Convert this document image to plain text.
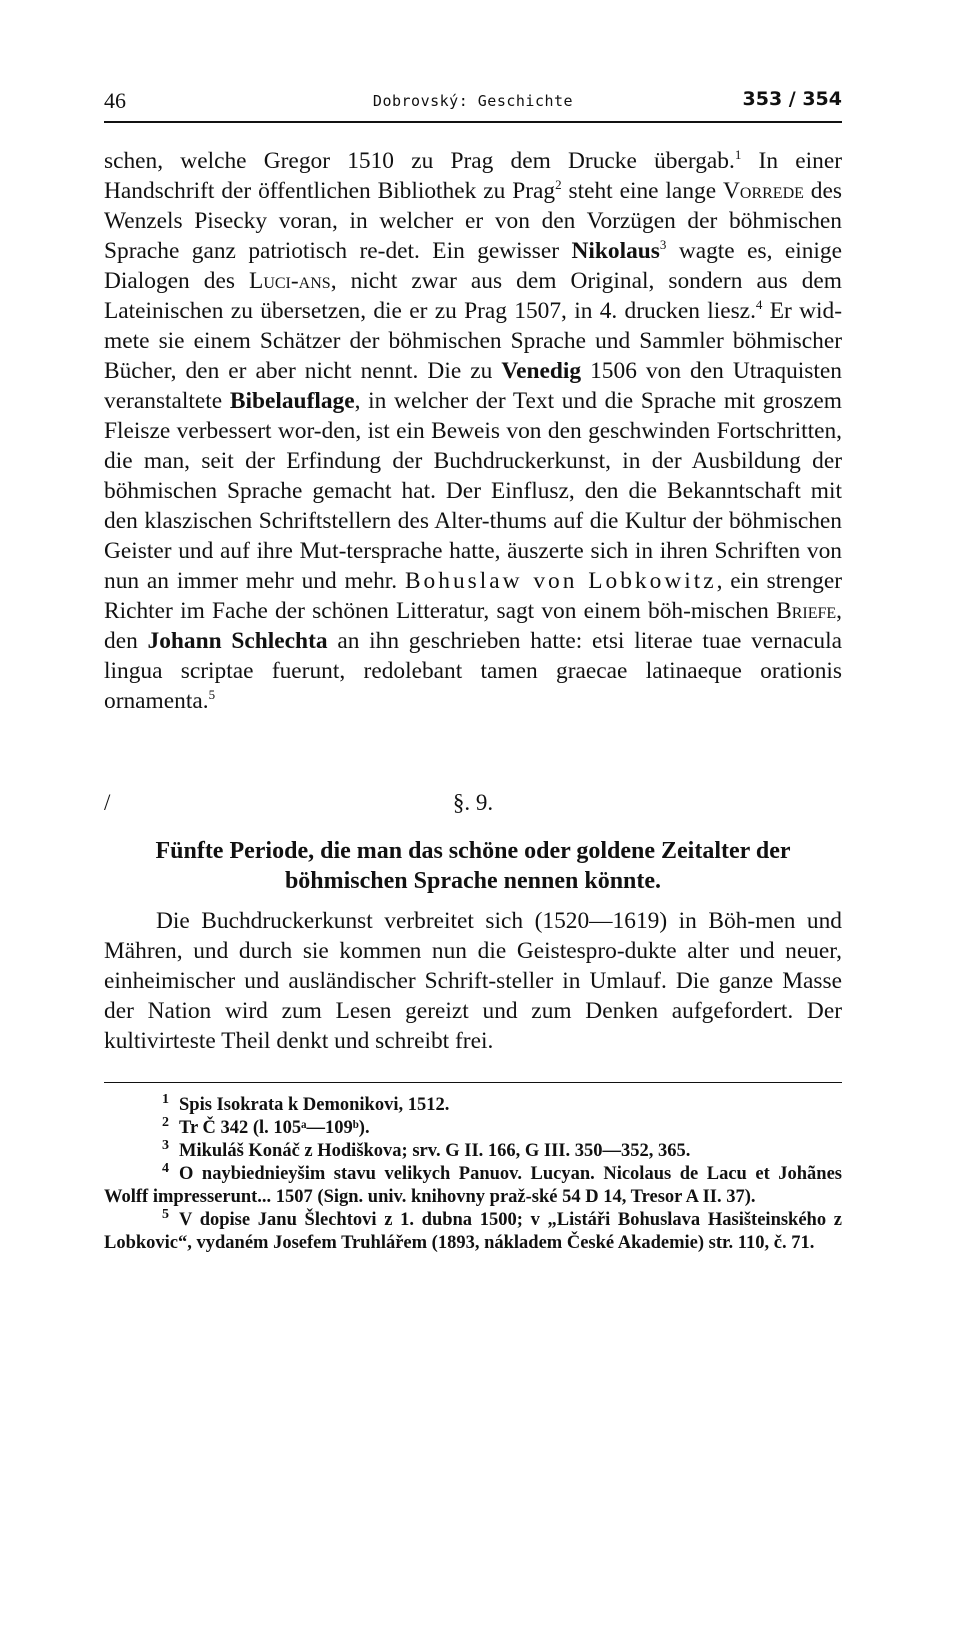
46	Dobrovský: Geschichte	353 / 354

schen, welche Gregor 1510 zu Prag dem Drucke übergab.$^1$ In einer Handschrift der öffentlichen Bibliothek zu Prag$^2$ steht eine lange Vorrede des Wenzels Pisecky voran, in welcher er von den Vorzügen der böhmischen Sprache ganz patriotisch re-det. Ein gewisser Nikolaus$^3$ wagte es, einige Dialogen des Luci-ans, nicht zwar aus dem Original, sondern aus dem Lateinischen zu übersetzen, die er zu Prag 1507, in 4. drucken liesz.$^4$ Er wid-mete sie einem Schätzer der böhmischen Sprache und Sammler böhmischer Bücher, den er aber nicht nennt. Die zu Venedig 1506 von den Utraquisten veranstaltete Bibelauflage, in welcher der Text und die Sprache mit groszem Fleisze verbessert wor-den, ist ein Beweis von den geschwinden Fortschritten, die man, seit der Erfindung der Buchdruckerkunst, in der Ausbildung der böhmischen Sprache gemacht hat. Der Einflusz, den die Bekanntschaft mit den klaszischen Schriftstellern des Alter-thums auf die Kultur der böhmischen Geister und auf ihre Mut-tersprache hatte, äuszerte sich in ihren Schriften von nun an immer mehr und mehr. Bohuslaw von Lobkowitz, ein strenger Richter im Fache der schönen Litteratur, sagt von einem böh-mischen Briefe, den Johann Schlechta an ihn geschrieben hatte: etsi literae tuae vernacula lingua scriptae fuerunt, redolebant tamen graecae latinaeque orationis ornamenta.$^5$

/	§. 9.
Fünfte Periode, die man das schöne oder goldene Zeitalter der
böhmischen Sprache nennen könnte.

Die Buchdruckerkunst verbreitet sich (1520—1619) in Böh-men und Mähren, und durch sie kommen nun die Geistespro-dukte alter und neuer, einheimischer und ausländischer Schrift-steller in Umlauf. Die ganze Masse der Nation wird zum Lesen gereizt und zum Denken aufgefordert. Der kultivirteste Theil denkt und schreibt frei.

$^1$ Spis Isokrata k Demonikovi, 1512.

$^2$ Tr Č 342 (l. 105ᵃ—109ᵇ).

$^3$ Mikuláš Konáč z Hodiškova; srv. G II. 166, G III. 350—352, 365.

$^4$ O naybiednieyšim stavu velikych Panuov. Lucyan. Nicolaus de Lacu et Johãnes Wolff impresserunt... 1507 (Sign. univ. knihovny praž-ské 54 D 14, Tresor A II. 37).

$^5$ V dopise Janu Šlechtovi z 1. dubna 1500; v „Listáři Bohuslava Hasišteinského z Lobkovic“, vydaném Josefem Truhlářem (1893, nákladem České Akademie) str. 110, č. 71.
